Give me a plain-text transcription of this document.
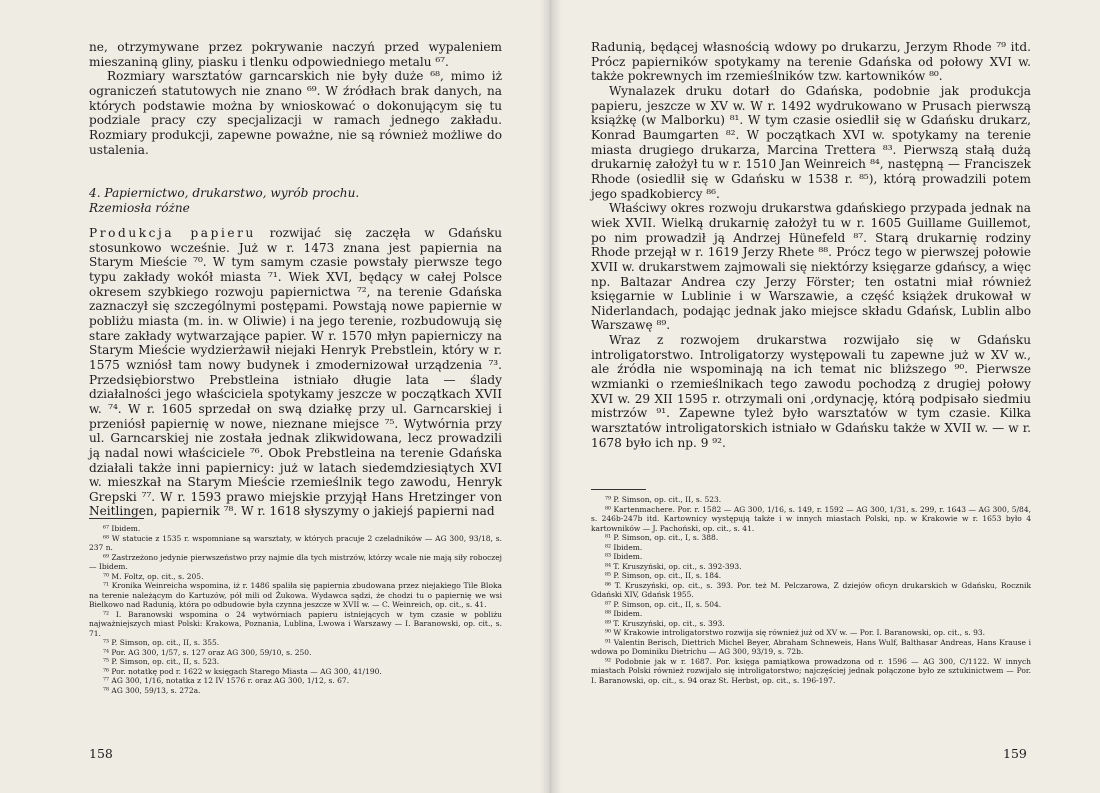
ne, otrzymywane przez pokrywanie naczyń przed wypaleniem mieszaniną gliny, piasku i tlenku odpowiedniego metalu ⁶⁷.

Rozmiary warsztatów garncarskich nie były duże ⁶⁸, mimo iż ograniczeń statutowych nie znano ⁶⁹. W źródłach brak danych, na których podstawie można by wnioskować o dokonującym się tu podziale pracy czy specjalizacji w ramach jednego zakładu. Rozmiary produkcji, zapewne poważne, nie są również możliwe do ustalenia.

4. Papiernictwo, drukarstwo, wyrób prochu.
Rzemiosła różne

Produkcja papieru rozwijać się zaczęła w Gdańsku stosunkowo wcześnie. Już w r. 1473 znana jest papiernia na Starym Mieście ⁷⁰. W tym samym czasie powstały pierwsze tego typu zakłady wokół miasta ⁷¹. Wiek XVI, będący w całej Polsce okresem szybkiego rozwoju papiernictwa ⁷², na terenie Gdańska zaznaczył się szczególnymi postępami. Powstają nowe papiernie w pobliżu miasta (m. in. w Oliwie) i na jego terenie, rozbudowują się stare zakłady wytwarzające papier. W r. 1570 młyn papierniczy na Starym Mieście wydzierżawił niejaki Henryk Prebstlein, który w r. 1575 wzniósł tam nowy budynek i zmodernizował urządzenia ⁷³. Przedsiębiorstwo Prebstleina istniało długie lata — ślady działalności jego właściciela spotykamy jeszcze w początkach XVII w. ⁷⁴. W r. 1605 sprzedał on swą działkę przy ul. Garncarskiej i przeniósł papiernię w nowe, nieznane miejsce ⁷⁵. Wytwórnia przy ul. Garncarskiej nie została jednak zlikwidowana, lecz prowadzili ją nadal nowi właściciele ⁷⁶. Obok Prebstleina na terenie Gdańska działali także inni papiernicy: już w latach siedemdziesiątych XVI w. mieszkał na Starym Mieście rzemieślnik tego zawodu, Henryk Grepski ⁷⁷. W r. 1593 prawo miejskie przyjął Hans Hretzinger von Neitlingen, papiernik ⁷⁸. W r. 1618 słyszymy o jakiejś papierni nad

⁶⁷ Ibidem.

⁶⁸ W statucie z 1535 r. wspomniane są warsztaty, w których pracuje 2 czeladników — AG 300, 93/18, s. 237 n.

⁶⁹ Zastrzeżono jedynie pierwszeństwo przy najmie dla tych mistrzów, którzy wcale nie mają siły roboczej — Ibidem.

⁷⁰ M. Foltz, op. cit., s. 205.

⁷¹ Kronika Weinreicha wspomina, iż r. 1486 spaliła się papiernia zbudowana przez niejakiego Tile Bloka na terenie należącym do Kartuzów, pół mili od Żukowa. Wydawca sądzi, że chodzi tu o papiernię we wsi Bielkowo nad Radunią, która po odbudowie była czynna jeszcze w XVII w. — C. Weinreich, op. cit., s. 41.

⁷² I. Baranowski wspomina o 24 wytwórniach papieru istniejących w tym czasie w pobliżu najważniejszych miast Polski: Krakowa, Poznania, Lublina, Lwowa i Warszawy — I. Baranowski, op. cit., s. 71.

⁷³ P. Simson, op. cit., II, s. 355.

⁷⁴ Por. AG 300, 1/57, s. 127 oraz AG 300, 59/10, s. 250.

⁷⁵ P. Simson, op. cit., II, s. 523.

⁷⁶ Por. notatkę pod r. 1622 w księgach Starego Miasta — AG 300, 41/190.

⁷⁷ AG 300, 1/16, notatka z 12 IV 1576 r. oraz AG 300, 1/12, s. 67.

⁷⁸ AG 300, 59/13, s. 272a.

158

Radunią, będącej własnością wdowy po drukarzu, Jerzym Rhode ⁷⁹ itd. Prócz papierników spotykamy na terenie Gdańska od połowy XVI w. także pokrewnych im rzemieślników tzw. kartowników ⁸⁰.

Wynalazek druku dotarł do Gdańska, podobnie jak produkcja papieru, jeszcze w XV w. W r. 1492 wydrukowano w Prusach pierwszą książkę (w Malborku) ⁸¹. W tym czasie osiedlił się w Gdańsku drukarz, Konrad Baumgarten ⁸². W początkach XVI w. spotykamy na terenie miasta drugiego drukarza, Marcina Trettera ⁸³. Pierwszą stałą dużą drukarnię założył tu w r. 1510 Jan Weinreich ⁸⁴, następną — Franciszek Rhode (osiedlił się w Gdańsku w 1538 r. ⁸⁵), którą prowadzili potem jego spadkobiercy ⁸⁶.

Właściwy okres rozwoju drukarstwa gdańskiego przypada jednak na wiek XVII. Wielką drukarnię założył tu w r. 1605 Guillame Guillemot, po nim prowadził ją Andrzej Hünefeld ⁸⁷. Starą drukarnię rodziny Rhode przejął w r. 1619 Jerzy Rhete ⁸⁸. Prócz tego w pierwszej połowie XVII w. drukarstwem zajmowali się niektórzy księgarze gdańscy, a więc np. Baltazar Andrea czy Jerzy Förster; ten ostatni miał również księgarnie w Lublinie i w Warszawie, a część książek drukował w Niderlandach, podając jednak jako miejsce składu Gdańsk, Lublin albo Warszawę ⁸⁹.

Wraz z rozwojem drukarstwa rozwijało się w Gdańsku introligatorstwo. Introligatorzy występowali tu zapewne już w XV w., ale źródła nie wspominają na ich temat nic bliższego ⁹⁰. Pierwsze wzmianki o rzemieślnikach tego zawodu pochodzą z drugiej połowy XVI w. 29 XII 1595 r. otrzymali oni ,ordynację, którą podpisało siedmiu mistrzów ⁹¹. Zapewne tyleż było warsztatów w tym czasie. Kilka warsztatów introligatorskich istniało w Gdańsku także w XVII w. — w r. 1678 było ich np. 9 ⁹².

⁷⁹ P. Simson, op. cit., II, s. 523.

⁸⁰ Kartenmachere. Por. r. 1582 — AG 300, 1/16, s. 149, r. 1592 — AG 300, 1/31, s. 299, r. 1643 — AG 300, 5/84, s. 246b-247b itd. Kartownicy występują także i w innych miastach Polski, np. w Krakowie w r. 1653 było 4 kartowników — J. Pachoński, op. cit., s. 41.

⁸¹ P. Simson, op. cit., I, s. 388.

⁸² Ibidem.

⁸³ Ibidem.

⁸⁴ T. Kruszyński, op. cit., s. 392-393.

⁸⁵ P. Simson, op. cit., II, s. 184.

⁸⁶ T. Kruszyński, op. cit., s. 393. Por. też M. Pelczarowa, Z dziejów oficyn drukarskich w Gdańsku, Rocznik Gdański XIV, Gdańsk 1955.

⁸⁷ P. Simson, op. cit., II, s. 504.

⁸⁸ Ibidem.

⁸⁹ T. Kruszyński, op. cit., s. 393.

⁹⁰ W Krakowie introligatorstwo rozwija się również już od XV w. — Por. I. Baranowski, op. cit., s. 93.

⁹¹ Valentin Berisch, Diettrich Michel Beyer, Abraham Schneweis, Hans Wulf, Balthasar Andreas, Hans Krause i wdowa po Dominiku Dietrichu — AG 300, 93/19, s. 72b.

⁹² Podobnie jak w r. 1687. Por. księga pamiątkowa prowadzona od r. 1596 — AG 300, C/1122. W innych miastach Polski również rozwijało się introligatorstwo; najczęściej jednak połączone było ze sztukinictwem — Por. I. Baranowski, op. cit., s. 94 oraz St. Herbst, op. cit., s. 196-197.

159
